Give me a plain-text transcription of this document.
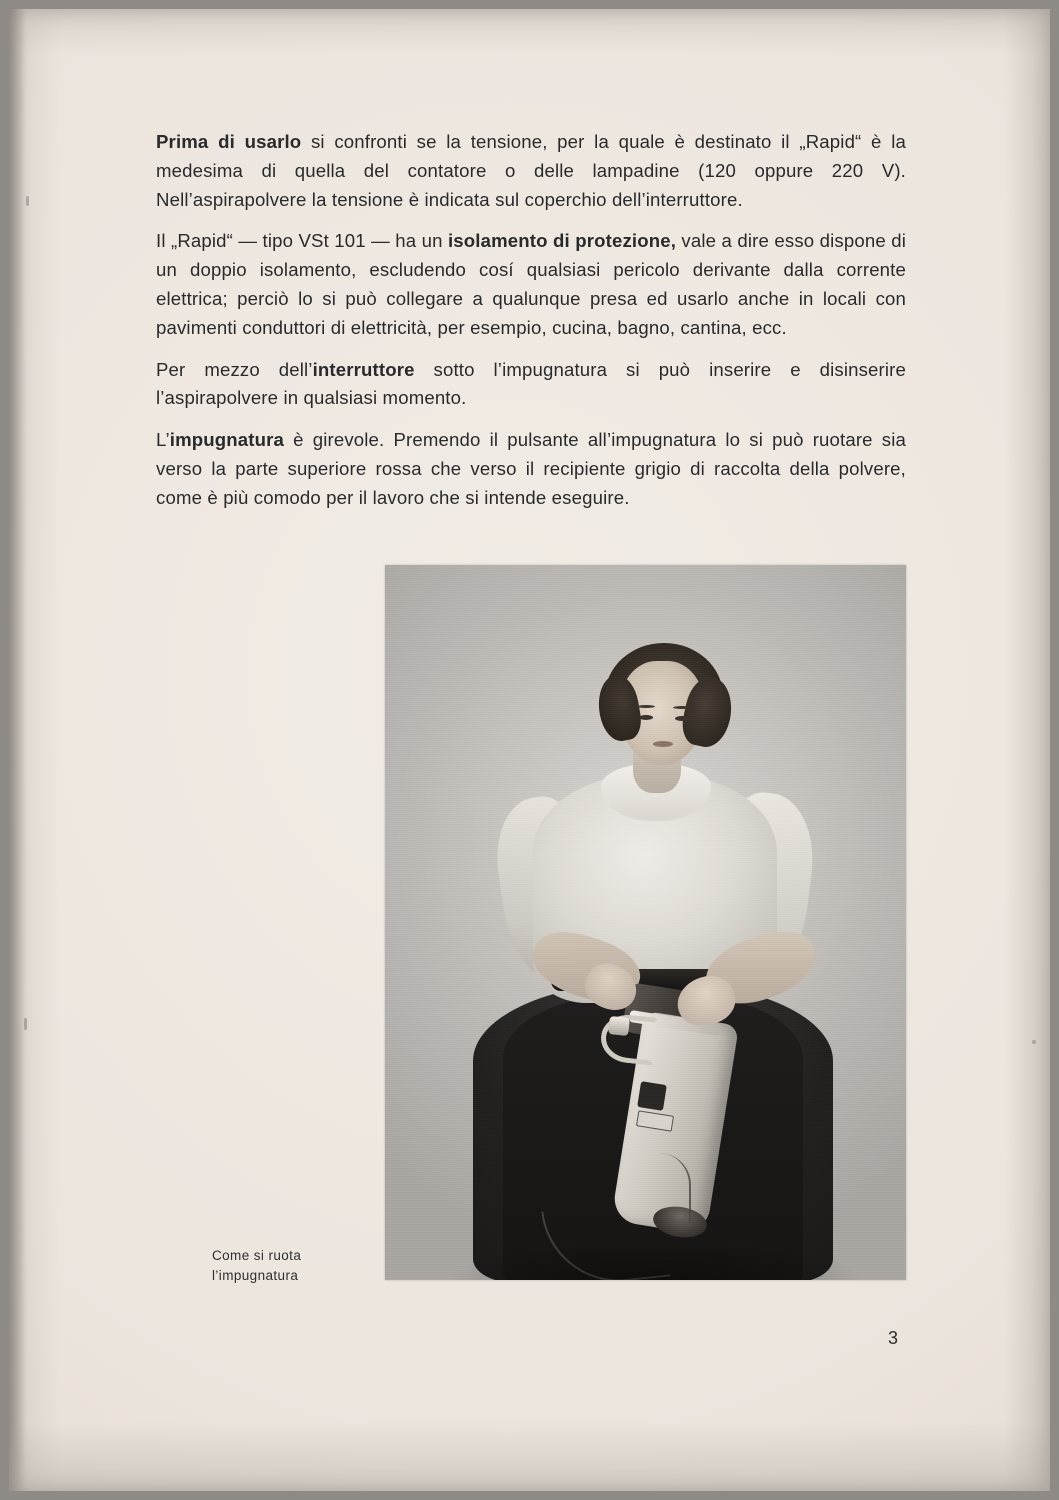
Prima di usarlo si confronti se la tensione, per la quale è destinato il „Rapid“ è la medesima di quella del contatore o delle lampadine (120 oppure 220 V). Nell’aspirapolvere la tensione è indicata sul coperchio dell’interruttore.

Il „Rapid“ — tipo VSt 101 — ha un isolamento di protezione, vale a dire esso dispone di un doppio isolamento, escludendo cosí qualsiasi pericolo derivante dalla corrente elettrica; perciò lo si può collegare a qualunque presa ed usarlo anche in locali con pavimenti conduttori di elettricità, per esempio, cucina, bagno, cantina, ecc.

Per mezzo dell’interruttore sotto l’impugnatura si può inserire e disinserire l’aspirapolvere in qualsiasi momento.

L’impugnatura è girevole. Premendo il pulsante all’impugnatura lo si può ruotare sia verso la parte superiore rossa che verso il recipiente grigio di raccolta della polvere, come è più comodo per il lavoro che si intende eseguire.

Come si ruota
l’impugnatura
3
